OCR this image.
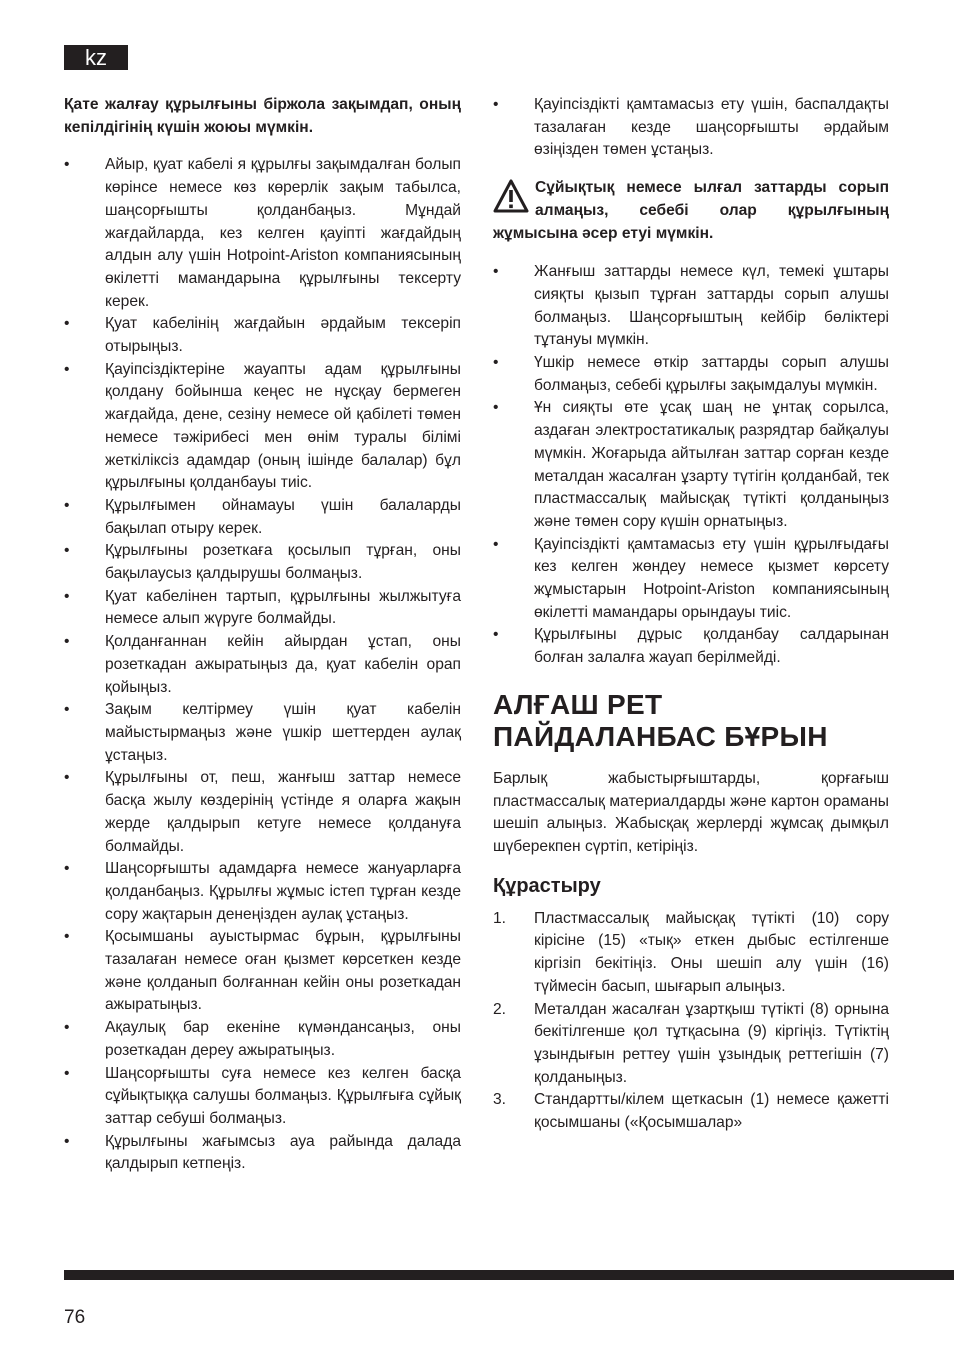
kz

Қате жалғау құрылғыны біржола зақымдап, оның кепілдігінің күшін жоюы мүмкін.

• Айыр, қуат кабелі я құрылғы зақымдалған болып көрінсе немесе көз көрерлік зақым табылса, шаңсорғышты қолданбаңыз. Мұндай жағдайларда, кез келген қауіпті жағдайдың алдын алу үшін Hotpoint-Ariston компаниясының өкілетті мамандарына құрылғыны тексерту керек.
• Қуат кабелінің жағдайын әрдайым тексеріп отырыңыз.
• Қауіпсіздіктеріне жауапты адам құрылғыны қолдану бойынша кеңес не нұсқау бермеген жағдайда, дене, сезіну немесе ой қабілеті төмен немесе тәжірибесі мен өнім туралы білімі жеткіліксіз адамдар (оның ішінде балалар) бұл құрылғыны қолданбауы тиіс.
• Құрылғымен ойнамауы үшін балаларды бақылап отыру керек.
• Құрылғыны розеткаға қосылып тұрған, оны бақылаусыз қалдырушы болмаңыз.
• Қуат кабелінен тартып, құрылғыны жылжытуға немесе алып жүруге болмайды.
• Қолданғаннан кейін айырдан ұстап, оны розеткадан ажыратыңыз да, қуат кабелін орап қойыңыз.
• Зақым келтірмеу үшін қуат кабелін майыстырмаңыз және үшкір шеттерден аулақ ұстаңыз.
• Құрылғыны от, пеш, жанғыш заттар немесе басқа жылу көздерінің үстінде я оларға жақын жерде қалдырып кетуге немесе қолдануға болмайды.
• Шаңсорғышты адамдарға немесе жануарларға қолданбаңыз. Құрылғы жұмыс істеп тұрған кезде сору жақтарын денеңізден аулақ ұстаңыз.
• Қосымшаны ауыстырмас бұрын, құрылғыны тазалаған немесе оған қызмет көрсеткен кезде және қолданып болғаннан кейін оны розеткадан ажыратыңыз.
• Ақаулық бар екеніне күмәндансаңыз, оны розеткадан дереу ажыратыңыз.
• Шаңсорғышты суға немесе кез келген басқа сұйықтыққа салушы болмаңыз. Құрылғыға сұйық заттар себуші болмаңыз.
• Құрылғыны жағымсыз ауа райында далада қалдырып кетпеңіз.
• Қауіпсіздікті қамтамасыз ету үшін, баспалдақты тазалаған кезде шаңсорғышты әрдайым өзіңізден төмен ұстаңыз.
Сұйықтық немесе ылғал заттарды сорып алмаңыз, себебі олар құрылғының жұмысына әсер етуі мүмкін.
• Жанғыш заттарды немесе күл, темекі ұштары сияқты қызып тұрған заттарды сорып алушы болмаңыз. Шаңсорғыштың кейбір бөліктері тұтануы мүмкін.
• Үшкір немесе өткір заттарды сорып алушы болмаңыз, себебі құрылғы зақымдалуы мүмкін.
• Ұн сияқты өте ұсақ шаң не ұнтақ сорылса, аздаған электростатикалық разрядтар байқалуы мүмкін. Жоғарыда айтылған заттар сорған кезде металдан жасалған ұзарту түтігін қолданбай, тек пластмассалық майысқақ түтікті қолданыңыз және төмен сору күшін орнатыңыз.
• Қауіпсіздікті қамтамасыз ету үшін құрылғыдағы кез келген жөндеу немесе қызмет көрсету жұмыстарын Hotpoint-Ariston компаниясының өкілетті мамандары орындауы тиіс.
• Құрылғыны дұрыс қолданбау салдарынан болған залалға жауап берілмейді.
АЛҒАШ РЕТ ПАЙДАЛАНБАС БҰРЫН

Барлық жабыстырғыштарды, қорғағыш пластмассалық материалдарды және картон ораманы шешіп алыңыз. Жабысқақ жерлерді жұмсақ дымқыл шүберекпен сүртіп, кетіріңіз.

Құрастыру
1. Пластмассалық майысқақ түтікті (10) сору кірісіне (15) «тық» еткен дыбыс естілгенше кіргізіп бекітіңіз. Оны шешіп алу үшін (16) түймесін басып, шығарып алыңыз.
2. Металдан жасалған ұзартқыш түтікті (8) орнына бекітілгенше қол тұтқасына (9) кіргіңіз. Түтіктің ұзындығын реттеу үшін ұзындық реттегішін (7) қолданыңыз.
3. Стандартты/кілем щеткасын (1) немесе қажетті қосымшаны («Қосымшалар»
76
